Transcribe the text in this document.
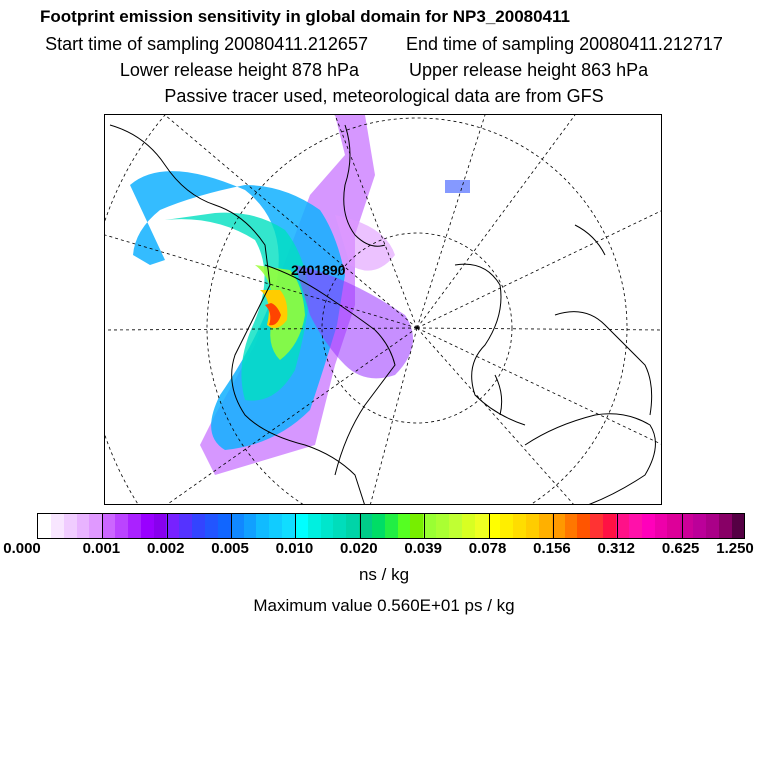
Footprint emission sensitivity in global domain for NP3_20080411
Start time of sampling 20080411.212657 End time of sampling 20080411.212717
Lower release height 878 hPa	Upper release height 863 hPa
Passive tracer used, meteorological data are from GFS
2401890
0.000	0.001 0.002 0.005 0.010 0.020 0.039 0.078 0.156 0.312 0.625 1.250
ns / kg
Maximum value 0.560E+01 ps / kg
